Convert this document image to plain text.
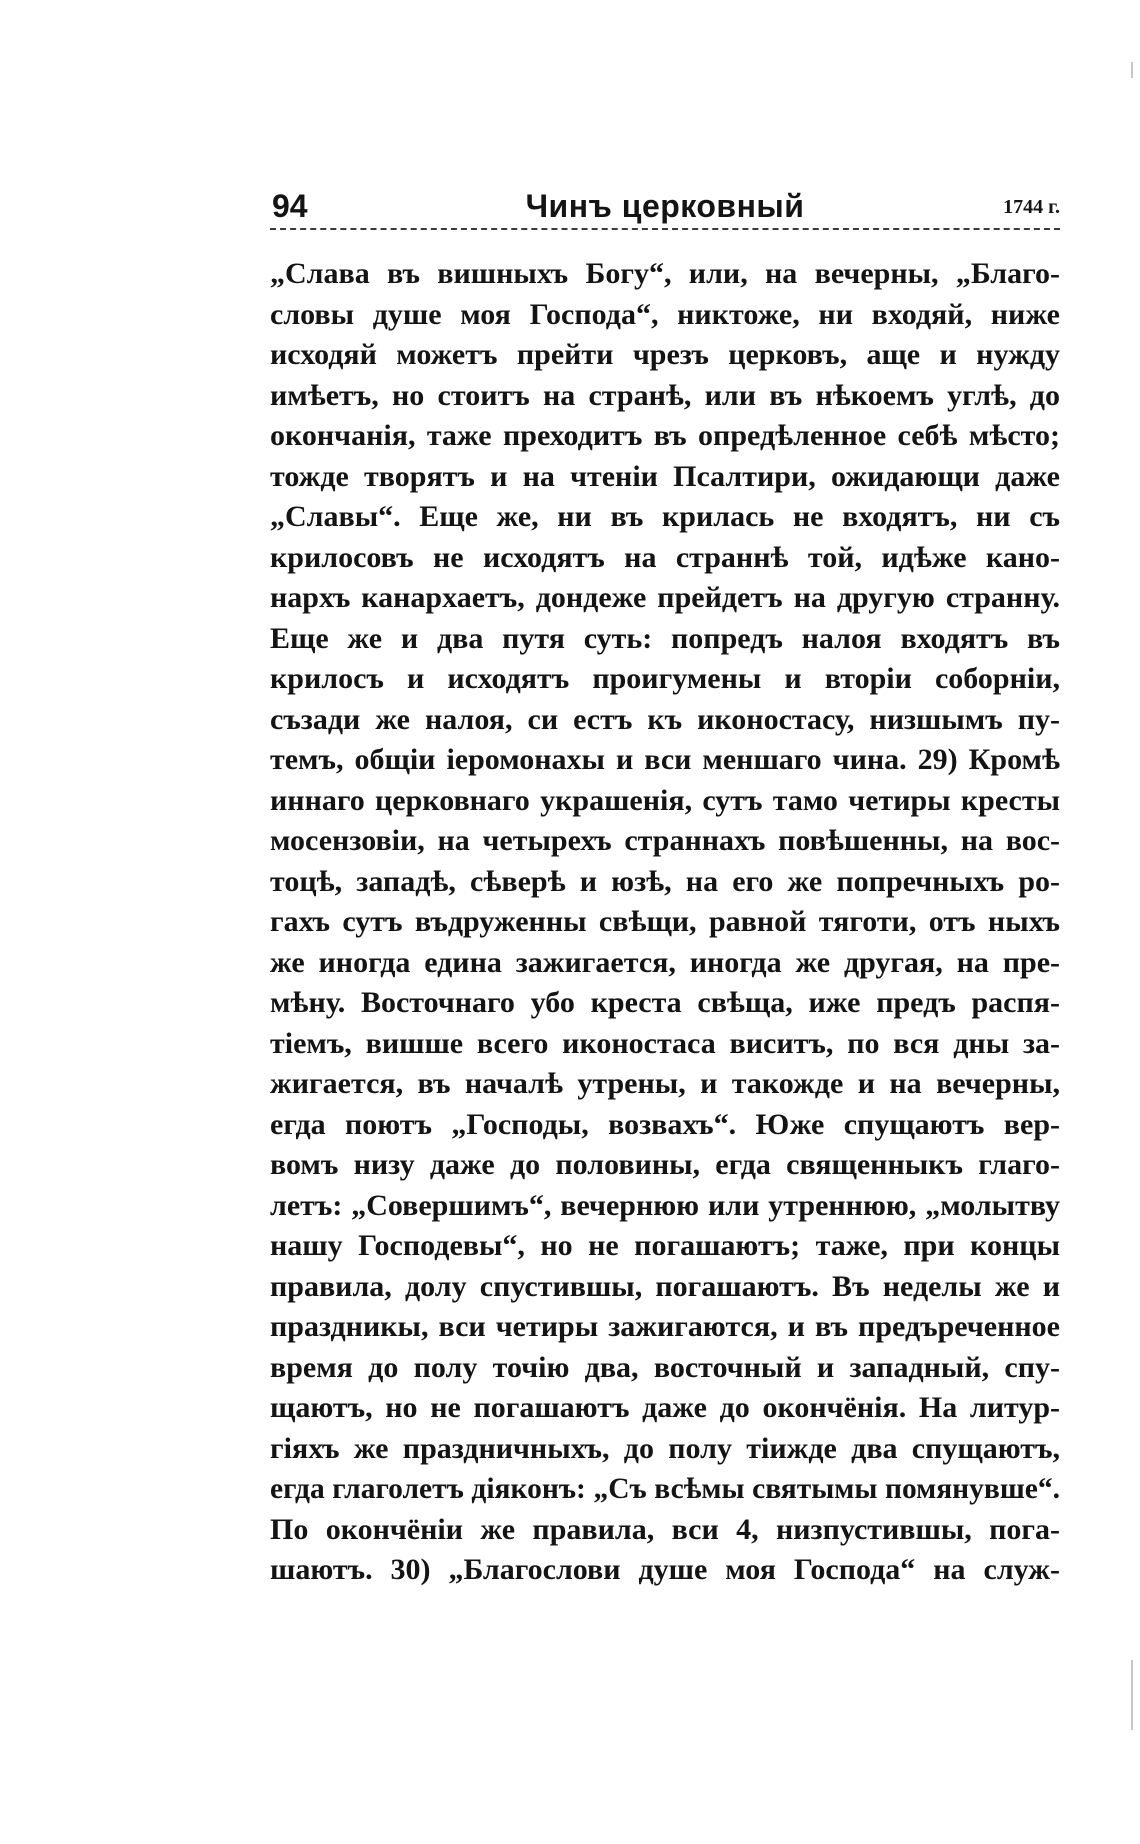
94	Чинъ церковный	1744 г.
„Слава въ вишныхъ Богу“, или, на вечерны, „Благо-
словы душе моя Господа“, никтоже, ни входяй, ниже
исходяй можетъ прейти чрезъ церковъ, аще и нужду
имѣетъ, но стоитъ на странѣ, или въ нѣкоемъ углѣ, до
окончанія, таже преходитъ въ опредѣленное себѣ мѣсто;
тожде творятъ и на чтеніи Псалтири, ожидающи даже
„Славы“. Еще же, ни въ крилась не входятъ, ни съ
крилосовъ не исходятъ на страннѣ той, идѣже кано-
нархъ канархаетъ, дондеже прейдетъ на другую странну.
Еще же и два путя суть: попредъ налоя входятъ въ
крилосъ и исходятъ проигумены и вторіи соборніи,
съзади же налоя, си естъ къ иконостасу, низшымъ пу-
темъ, общіи іеромонахы и вси меншаго чина. 29) Кромѣ
иннаго церковнаго украшенія, сутъ тамо четиры кресты
мосензовіи, на четырехъ страннахъ повѣшенны, на вос-
тоцѣ, западѣ, сѣверѣ и юзѣ, на его же попречныхъ ро-
гахъ сутъ въдруженны свѣщи, равной тяготи, отъ ныхъ
же иногда едина зажигается, иногда же другая, на пре-
мѣну. Восточнаго убо креста свѣща, иже предъ распя-
тіемъ, вишше всего иконостаса виситъ, по вся дны за-
жигается, въ началѣ утрены, и такожде и на вечерны,
егда поютъ „Господы, возвахъ“. Юже спущаютъ вер-
вомъ низу даже до половины, егда священныкъ глаго-
летъ: „Совершимъ“, вечернюю или утреннюю, „молытву
нашу Господевы“, но не погашаютъ; таже, при концы
правила, долу спустившы, погашаютъ. Въ неделы же и
праздникы, вси четиры зажигаются, и въ предъреченное
время до полу точію два, восточный и западный, спу-
щаютъ, но не погашаютъ даже до окончёнія. На литур-
гіяхъ же праздничныхъ, до полу тіижде два спущаютъ,
егда глаголетъ діяконъ: „Съ всѣмы святымы помянувше“.
По окончёніи же правила, вси 4, низпустившы, пога-
шаютъ. 30) „Благослови душе моя Господа“ на служ-
